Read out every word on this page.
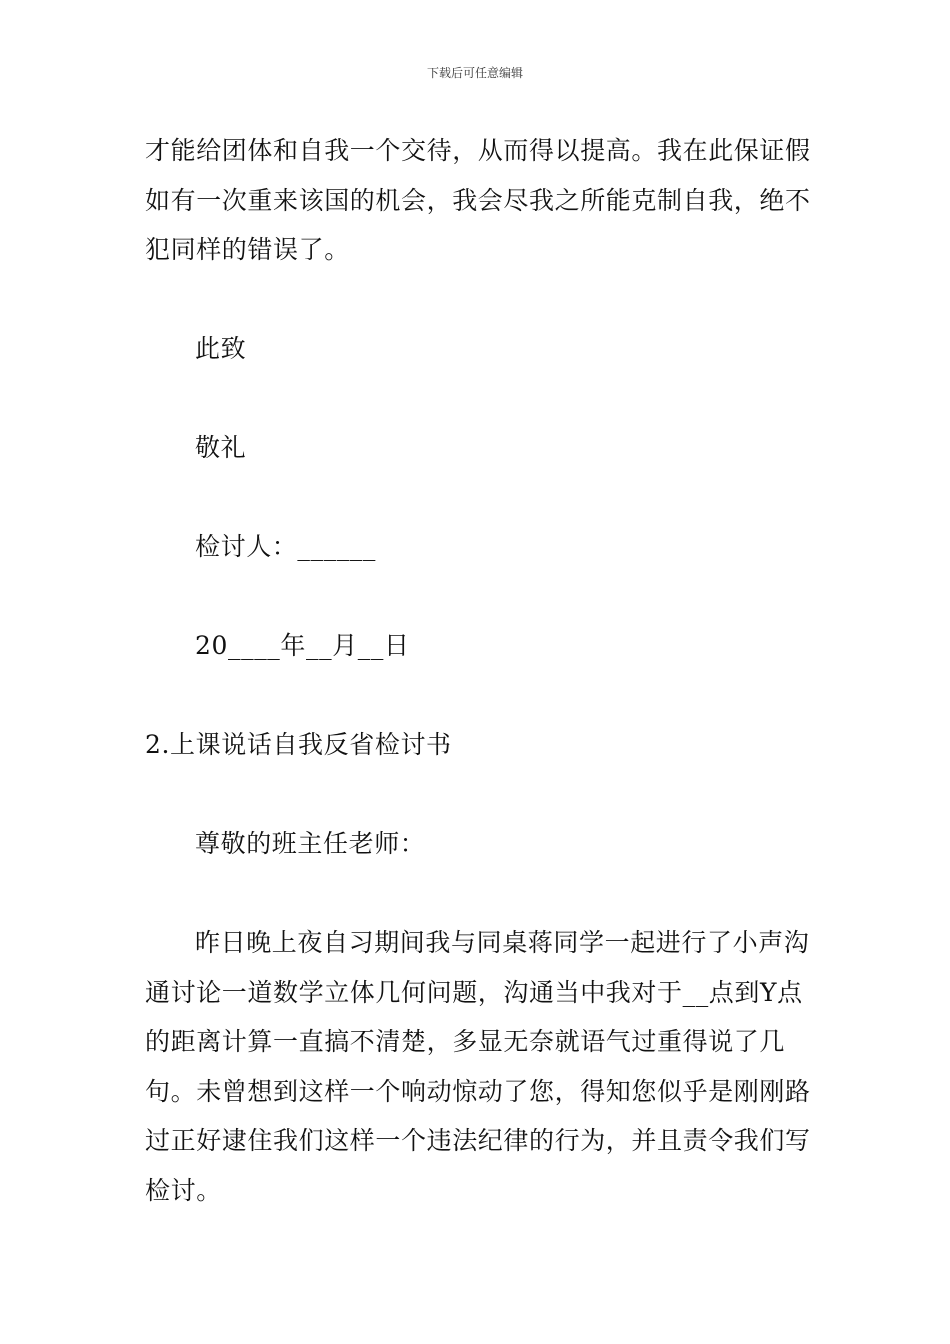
下载后可任意编辑

才能给团体和自我一个交待，从而得以提高。我在此保证假如有一次重来该国的机会，我会尽我之所能克制自我，绝不犯同样的错误了。

此致

敬礼

检讨人：______

20____年__月__日

2.上课说话自我反省检讨书

尊敬的班主任老师：

昨日晚上夜自习期间我与同桌蒋同学一起进行了小声沟通讨论一道数学立体几何问题，沟通当中我对于__点到Y点的距离计算一直搞不清楚，多显无奈就语气过重得说了几句。未曾想到这样一个响动惊动了您，得知您似乎是刚刚路过正好逮住我们这样一个违法纪律的行为，并且责令我们写检讨。
